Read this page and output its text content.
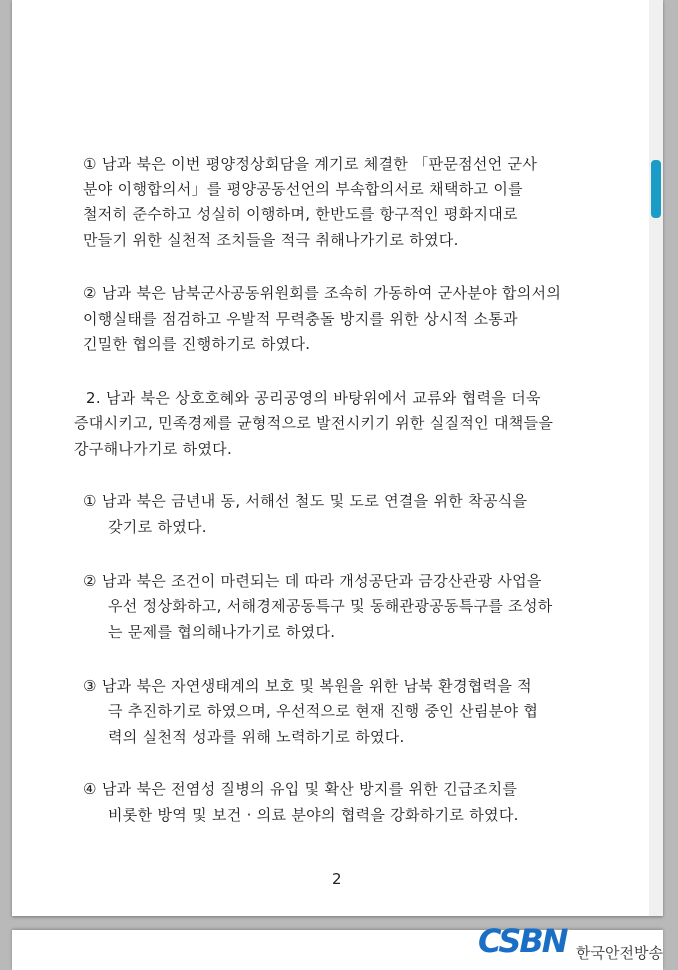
① 남과 북은 이번 평양정상회담을 계기로 체결한 「판문점선언 군사
분야 이행합의서」를 평양공동선언의 부속합의서로 채택하고 이를
철저히 준수하고 성실히 이행하며, 한반도를 항구적인 평화지대로
만들기 위한 실천적 조치들을 적극 취해나가기로 하였다.
② 남과 북은 남북군사공동위원회를 조속히 가동하여 군사분야 합의서의
이행실태를 점검하고 우발적 무력충돌 방지를 위한 상시적 소통과
긴밀한 협의를 진행하기로 하였다.
2. 남과 북은 상호호혜와 공리공영의 바탕위에서 교류와 협력을 더욱
증대시키고, 민족경제를 균형적으로 발전시키기 위한 실질적인 대책들을
강구해나가기로 하였다.
① 남과 북은 금년내 동, 서해선 철도 및 도로 연결을 위한 착공식을
갖기로 하였다.
② 남과 북은 조건이 마련되는 데 따라 개성공단과 금강산관광 사업을
우선 정상화하고, 서해경제공동특구 및 동해관광공동특구를 조성하
는 문제를 협의해나가기로 하였다.
③ 남과 북은 자연생태계의 보호 및 복원을 위한 남북 환경협력을 적
극 추진하기로 하였으며, 우선적으로 현재 진행 중인 산림분야 협
력의 실천적 성과를 위해 노력하기로 하였다.
④ 남과 북은 전염성 질병의 유입 및 확산 방지를 위한 긴급조치를
비롯한 방역 및 보건 · 의료 분야의 협력을 강화하기로 하였다.
2
CSBN 한국안전방송
